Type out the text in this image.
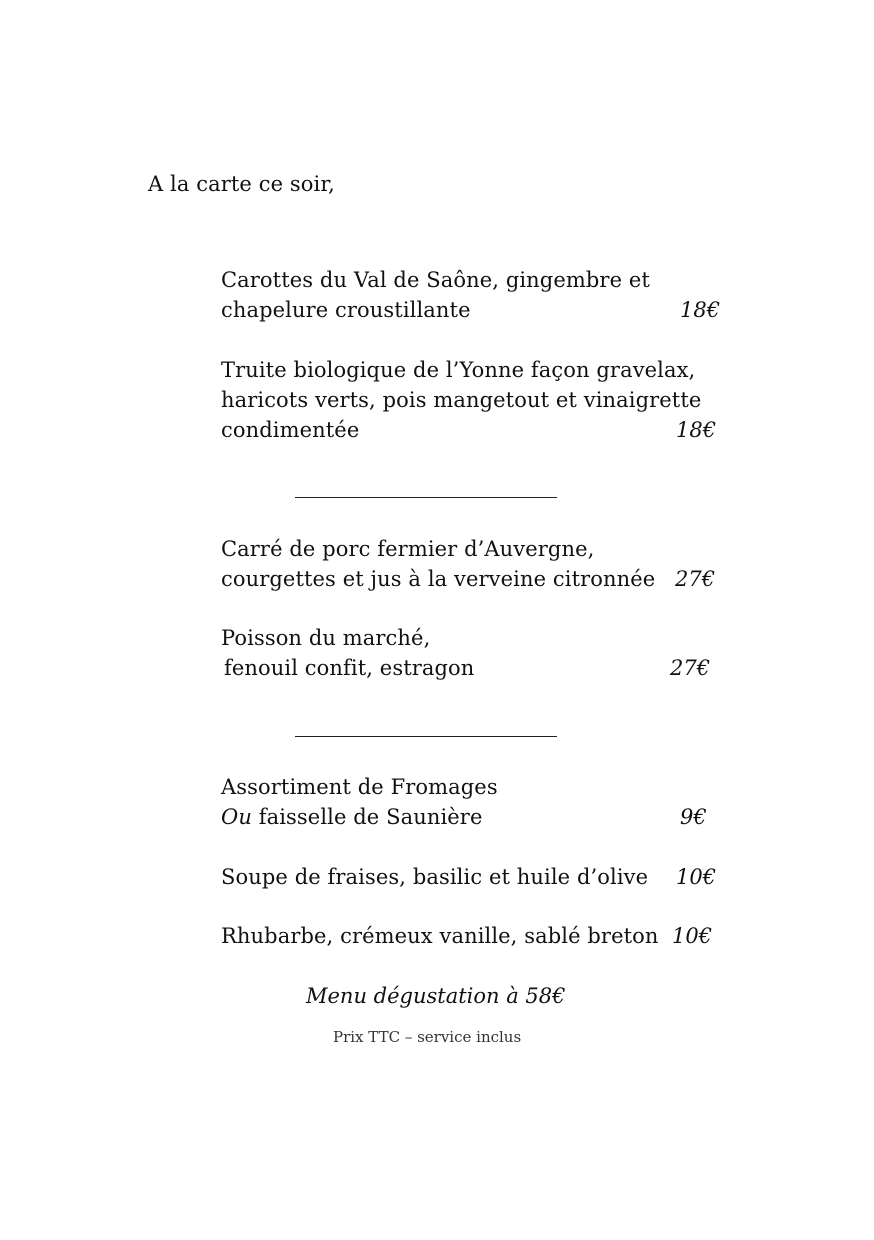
A la carte ce soir,
Carottes du Val de Saône, gingembre et
chapelure croustillante	18€
Truite biologique de l’Yonne façon gravelax,
haricots verts, pois mangetout et vinaigrette
condimentée	18€
Carré de porc fermier d’Auvergne,
courgettes et jus à la verveine citronnée 27€
Poisson du marché,
fenouil confit, estragon	27€
Assortiment de Fromages
Ou faisselle de Saunière	9€
Soupe de fraises, basilic et huile d’olive 10€
Rhubarbe, crémeux vanille, sablé breton 10€
Menu dégustation à 58€
Prix TTC – service inclus
